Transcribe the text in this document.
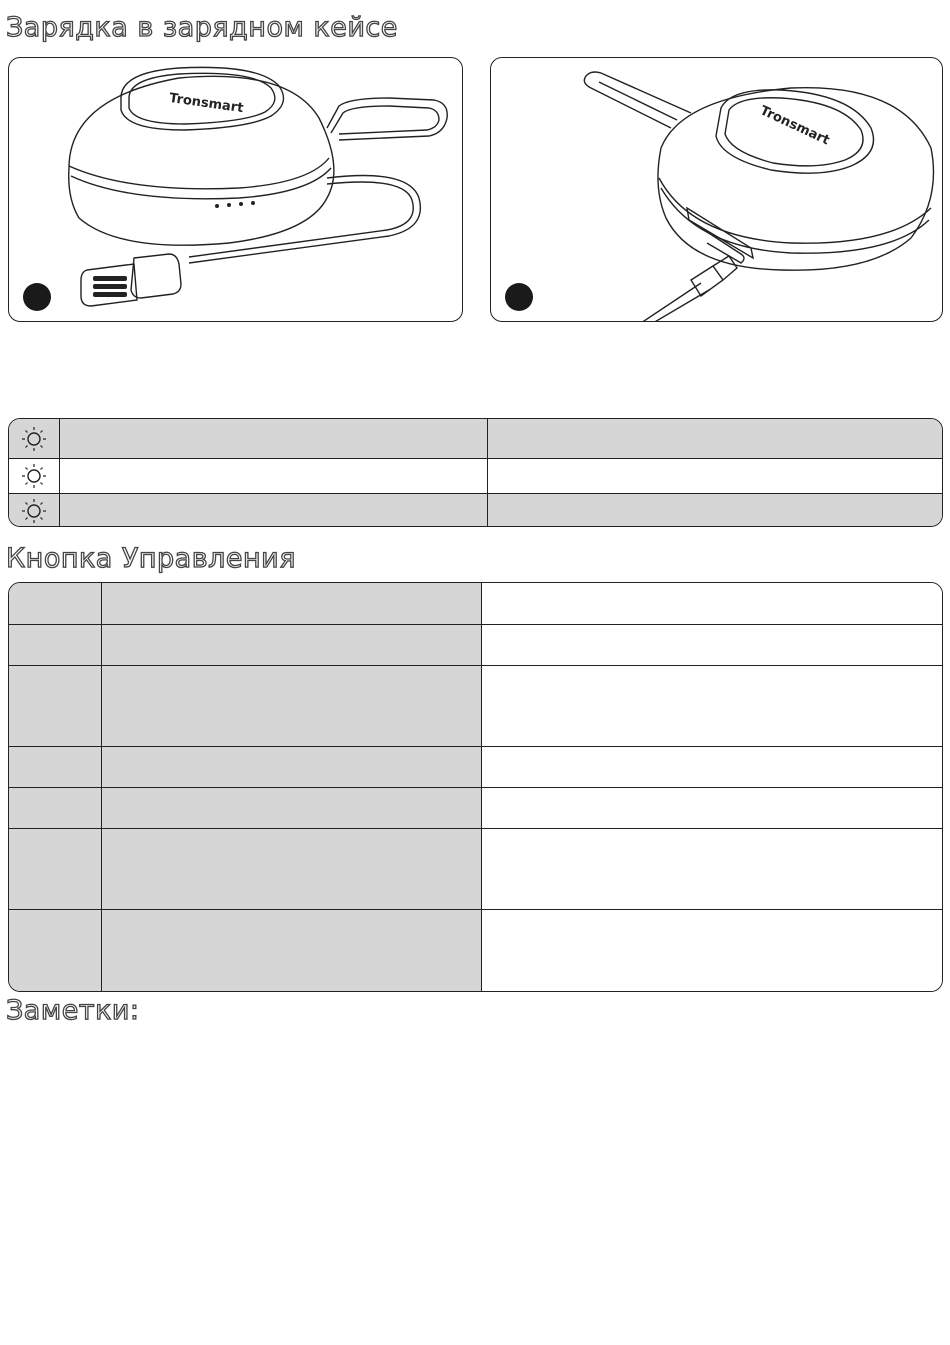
Зарядка в зарядном кейсе
Tronsmart	Tronsmart
Кнопка Управления
Заметки:
